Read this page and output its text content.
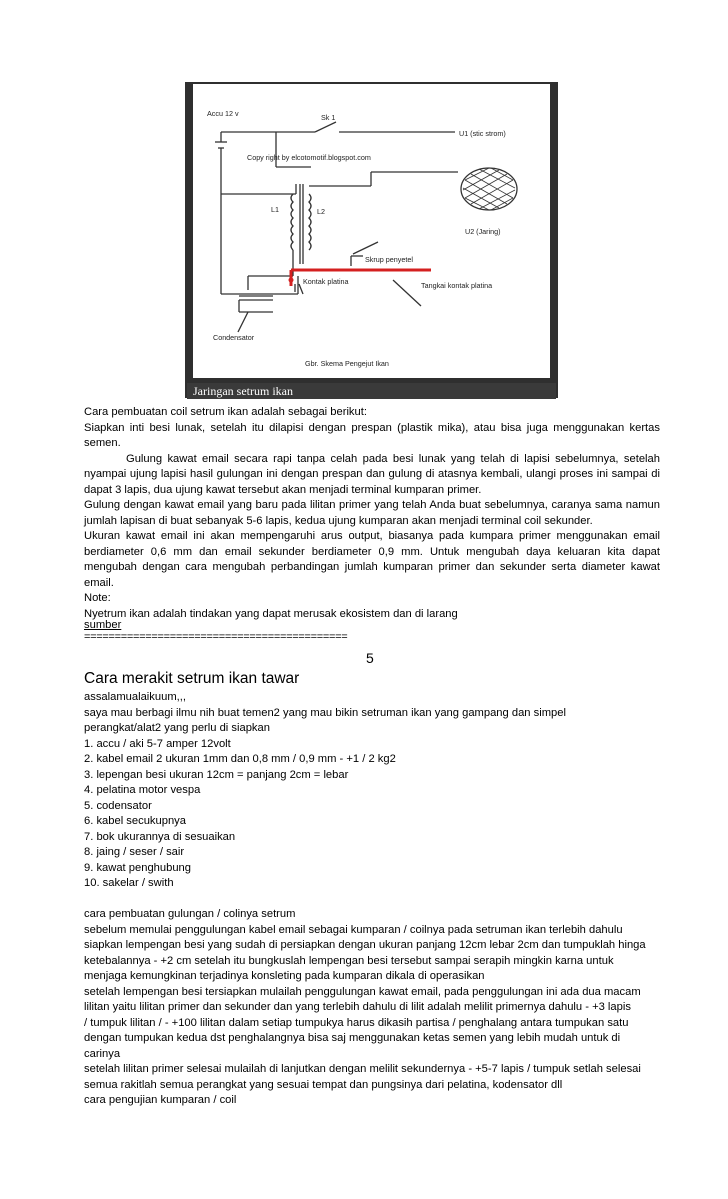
Accu 12 v	Sk 1
U1 (stic strom)
Copy right by elcotomotif.blogspot.com
L1	L2
U2 (Jaring)
Skrup penyetel
Kontak platina	Tangkai kontak platina
Condensator
Gbr. Skema Pengejut Ikan
Jaringan setrum ikan
Cara pembuatan coil setrum ikan adalah sebagai berikut:
Siapkan inti besi lunak, setelah itu dilapisi dengan prespan (plastik mika), atau bisa juga menggunakan kertas semen.
Gulung kawat email secara rapi tanpa celah pada besi lunak yang telah di lapisi sebelumnya, setelah nyampai ujung lapisi hasil gulungan ini dengan prespan dan gulung di atasnya kembali, ulangi proses ini sampai di dapat 3 lapis, dua ujung kawat tersebut akan menjadi terminal kumparan primer.
Gulung dengan kawat email yang baru pada lilitan primer yang telah Anda buat sebelumnya, caranya sama namun jumlah lapisan di buat sebanyak 5-6 lapis, kedua ujung kumparan akan menjadi terminal coil sekunder.
Ukuran kawat email ini akan mempengaruhi arus output, biasanya pada kumpara primer menggunakan email berdiameter 0,6 mm dan email sekunder berdiameter 0,9 mm. Untuk mengubah daya keluaran kita dapat mengubah dengan cara mengubah perbandingan jumlah kumparan primer dan sekunder serta diameter kawat email.
Note:
Nyetrum ikan adalah tindakan yang dapat merusak ekosistem dan di larang
sumber
===========================================
5
Cara merakit setrum ikan tawar
assalamualaikuum,,,
saya mau berbagi ilmu nih buat temen2 yang mau bikin setruman ikan yang gampang dan simpel
perangkat/alat2 yang perlu di siapkan
1. accu / aki 5-7 amper 12volt
2. kabel email 2 ukuran 1mm dan 0,8 mm / 0,9 mm - +1 / 2 kg2
3. lepengan besi ukuran 12cm = panjang 2cm = lebar
4. pelatina motor vespa
5. codensator
6. kabel secukupnya
7. bok ukurannya di sesuaikan
8. jaing / seser / sair
9. kawat penghubung
10. sakelar / swith
cara pembuatan gulungan / colinya setrum
sebelum memulai penggulungan kabel email sebagai kumparan / coilnya pada setruman ikan terlebih dahulu
siapkan lempengan besi yang sudah di persiapkan dengan ukuran panjang 12cm lebar 2cm dan tumpuklah hinga
ketebalannya - +2 cm setelah itu bungkuslah lempengan besi tersebut sampai serapih mingkin karna untuk
menjaga kemungkinan terjadinya konsleting pada kumparan dikala di operasikan
setelah lempengan besi tersiapkan mulailah penggulungan kawat email, pada penggulungan ini ada dua macam
lilitan yaitu lilitan primer dan sekunder dan yang terlebih dahulu di lilit adalah melilit primernya dahulu - +3 lapis
/ tumpuk lilitan / - +100 lilitan dalam setiap tumpukya harus dikasih partisa / penghalang antara tumpukan satu
dengan tumpukan kedua dst penghalangnya bisa saj menggunakan ketas semen yang lebih mudah untuk di
carinya
setelah lilitan primer selesai mulailah di lanjutkan dengan melilit sekundernya - +5-7 lapis / tumpuk setlah selesai
semua rakitlah semua perangkat yang sesuai tempat dan pungsinya dari pelatina, kodensator dll
cara pengujian kumparan / coil
